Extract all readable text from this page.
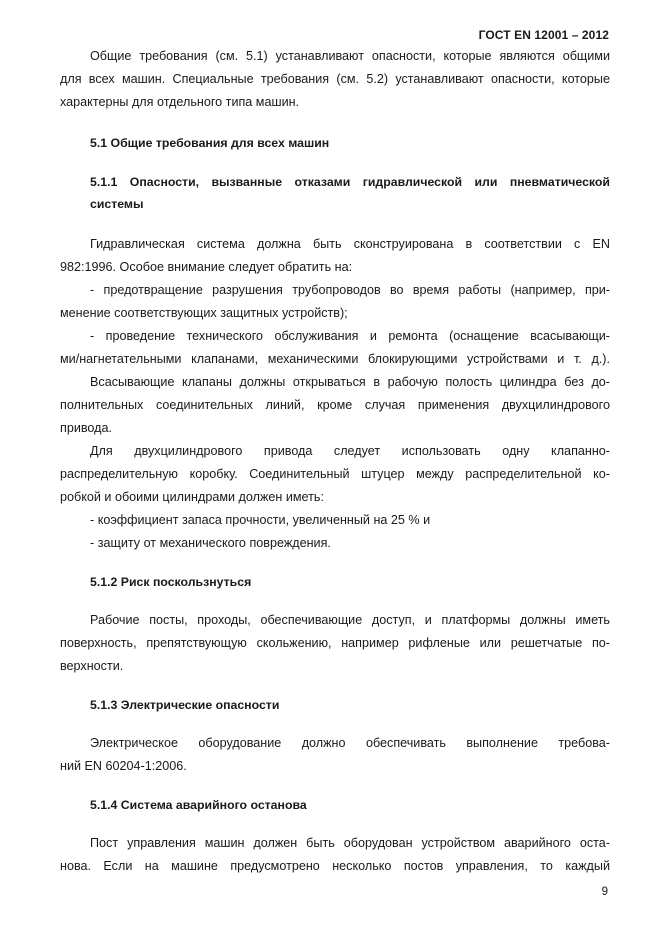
ГОСТ EN 12001 – 2012
Общие требования (см. 5.1) устанавливают опасности, которые являются общими
для всех машин. Специальные требования (см. 5.2) устанавливают опасности, которые
характерны для отдельного типа машин.
5.1 Общие требования для всех машин
5.1.1 Опасности, вызванные отказами гидравлической или пневматической
системы
Гидравлическая система должна быть сконструирована в соответствии с EN
982:1996. Особое внимание следует обратить на:
- предотвращение разрушения трубопроводов во время работы (например, при-
менение соответствующих защитных устройств);
- проведение технического обслуживания и ремонта (оснащение всасывающи-
ми/нагнетательными клапанами, механическими блокирующими устройствами и т. д.).
Всасывающие клапаны должны открываться в рабочую полость цилиндра без до-
полнительных соединительных линий, кроме случая применения двухцилиндрового
привода.
Для двухцилиндрового привода следует использовать одну клапанно-
распределительную коробку. Соединительный штуцер между распределительной ко-
робкой и обоими цилиндрами должен иметь:
- коэффициент запаса прочности, увеличенный на 25 % и
- защиту от механического повреждения.
5.1.2 Риск поскользнуться
Рабочие посты, проходы, обеспечивающие доступ, и платформы должны иметь
поверхность, препятствующую скольжению, например рифленые или решетчатые по-
верхности.
5.1.3 Электрические опасности
Электрическое оборудование должно обеспечивать выполнение требова-
ний EN 60204-1:2006.
5.1.4 Система аварийного останова
Пост управления машин должен быть оборудован устройством аварийного оста-
нова. Если на машине предусмотрено несколько постов управления, то каждый
9
